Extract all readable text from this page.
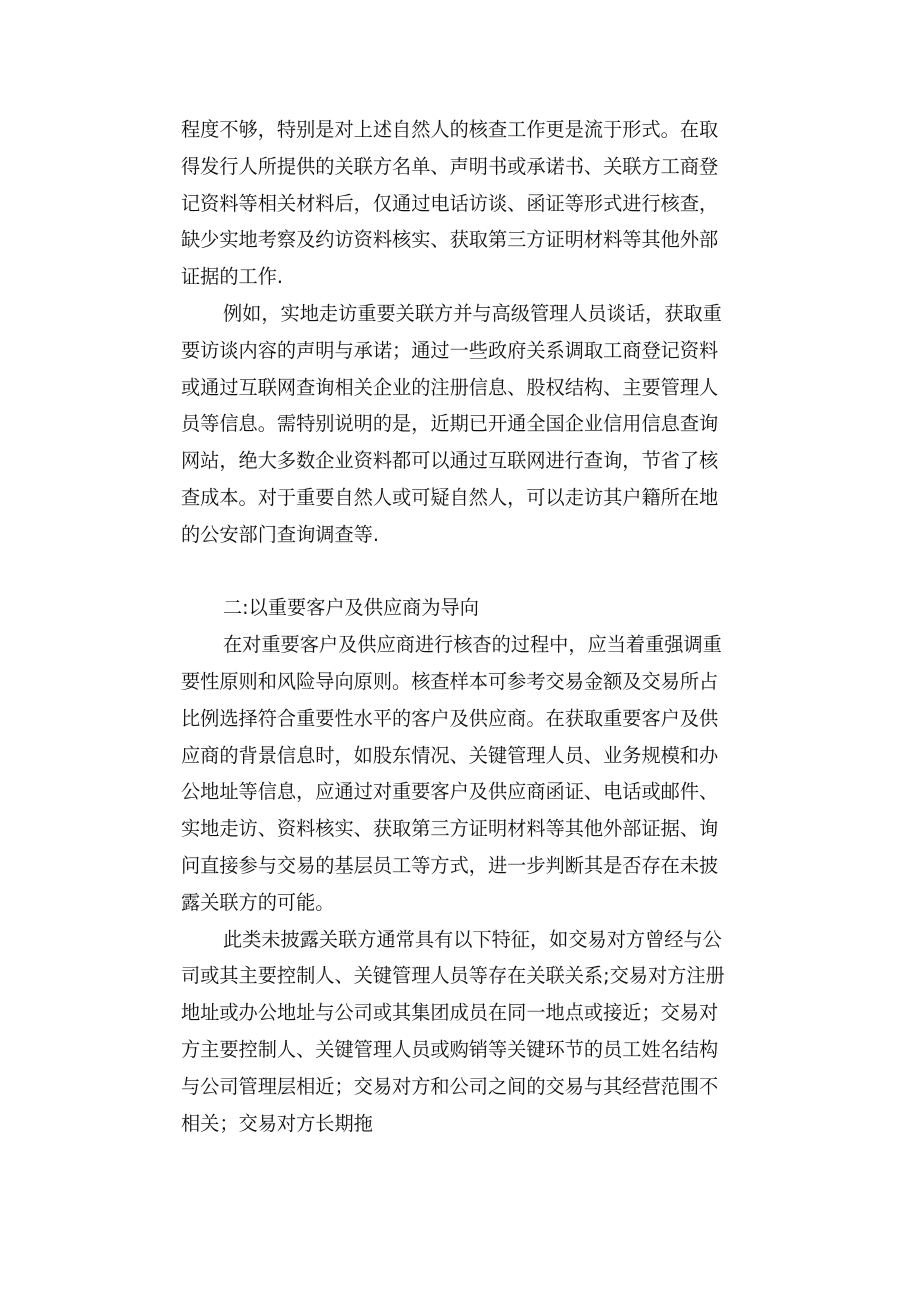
程度不够，特别是对上述自然人的核查工作更是流于形式。在取
得发行人所提供的关联方名单、声明书或承诺书、关联方工商登
记资料等相关材料后，仅通过电话访谈、函证等形式进行核查，
缺少实地考察及约访资料核实、获取第三方证明材料等其他外部
证据的工作.
例如，实地走访重要关联方并与高级管理人员谈话，获取重
要访谈内容的声明与承诺；通过一些政府关系调取工商登记资料
或通过互联网查询相关企业的注册信息、股权结构、主要管理人
员等信息。需特别说明的是，近期已开通全国企业信用信息查询
网站，绝大多数企业资料都可以通过互联网进行查询，节省了核
查成本。对于重要自然人或可疑自然人，可以走访其户籍所在地
的公安部门查询调查等.
二:以重要客户及供应商为导向
在对重要客户及供应商进行核杳的过程中，应当着重强调重
要性原则和风险导向原则。核查样本可参考交易金额及交易所占
比例选择符合重要性水平的客户及供应商。在获取重要客户及供
应商的背景信息时，如股东情况、关键管理人员、业务规模和办
公地址等信息，应通过对重要客户及供应商函证、电话或邮件、
实地走访、资料核实、获取第三方证明材料等其他外部证据、询
问直接参与交易的基层员工等方式，进一步判断其是否存在未披
露关联方的可能。
此类未披露关联方通常具有以下特征，如交易对方曾经与公
司或其主要控制人、关键管理人员等存在关联关系;交易对方注册
地址或办公地址与公司或其集团成员在同一地点或接近；交易对
方主要控制人、关键管理人员或购销等关键环节的员工姓名结构
与公司管理层相近；交易对方和公司之间的交易与其经营范围不
相关；交易对方长期拖
